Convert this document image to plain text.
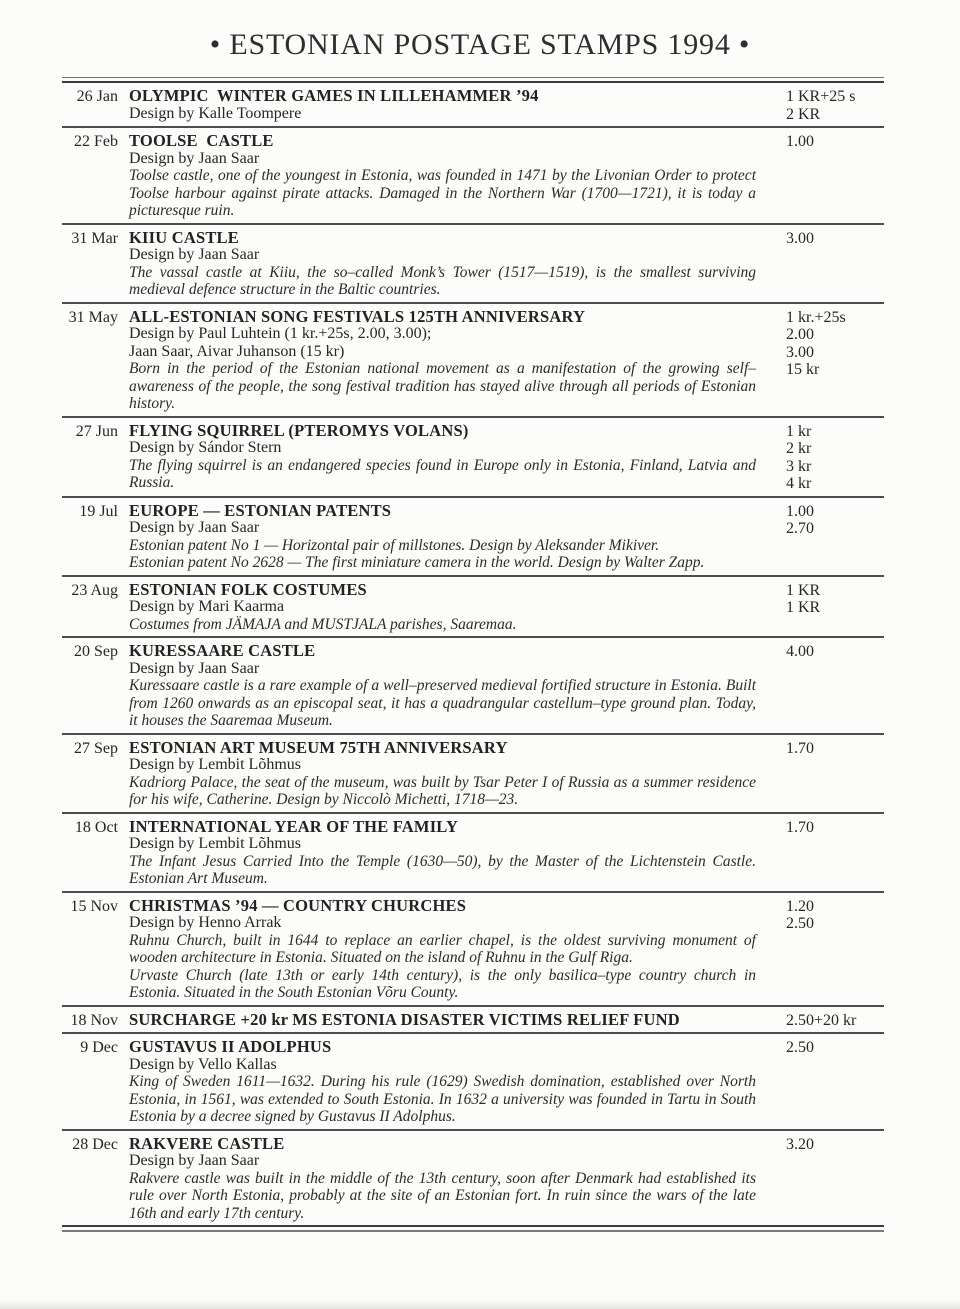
• ESTONIAN POSTAGE STAMPS 1994 •
26 Jan OLYMPIC  WINTER GAMES IN LILLEHAMMER ’94
Design by Kalle Toompere
1 KR+25 s
2 KR
22 Feb TOOLSE  CASTLE
Design by Jaan Saar
Toolse castle, one of the youngest in Estonia, was founded in 1471 by the Livonian Order to protect Toolse harbour against pirate attacks. Damaged in the Northern War (1700—1721), it is today a picturesque ruin.
1.00
31 Mar KIIU CASTLE
Design by Jaan Saar
The vassal castle at Kiiu, the so–called Monk’s Tower (1517—1519), is the smallest surviving medieval defence structure in the Baltic countries.
3.00
31 May ALL-ESTONIAN SONG FESTIVALS 125TH ANNIVERSARY
Design by Paul Luhtein (1 kr.+25s, 2.00, 3.00);
Jaan Saar, Aivar Juhanson (15 kr)
Born in the period of the Estonian national movement as a manifestation of the growing self–awareness of the people, the song festival tradition has stayed alive through all periods of Estonian history.
1 kr.+25s
2.00
3.00
15 kr
27 Jun FLYING SQUIRREL (PTEROMYS VOLANS)
Design by Sándor Stern
The flying squirrel is an endangered species found in Europe only in Estonia, Finland, Latvia and Russia.
1 kr
2 kr
3 kr
4 kr
19 Jul EUROPE — ESTONIAN PATENTS
Design by Jaan Saar
Estonian patent No 1 — Horizontal pair of millstones. Design by Aleksander Mikiver.
Estonian patent No 2628 — The first miniature camera in the world. Design by Walter Zapp.
1.00
2.70
23 Aug ESTONIAN FOLK COSTUMES
Design by Mari Kaarma
Costumes from JÄMAJA and MUSTJALA parishes, Saaremaa.
1 KR
1 KR
20 Sep KURESSAARE CASTLE
Design by Jaan Saar
Kuressaare castle is a rare example of a well–preserved medieval fortified structure in Estonia. Built from 1260 onwards as an episcopal seat, it has a quadrangular castellum–type ground plan. Today, it houses the Saaremaa Museum.
4.00
27 Sep ESTONIAN ART MUSEUM 75TH ANNIVERSARY
Design by Lembit Lõhmus
Kadriorg Palace, the seat of the museum, was built by Tsar Peter I of Russia as a summer residence for his wife, Catherine. Design by Niccolò Michetti, 1718—23.
1.70
18 Oct INTERNATIONAL YEAR OF THE FAMILY
Design by Lembit Lõhmus
The Infant Jesus Carried Into the Temple (1630—50), by the Master of the Lichtenstein Castle. Estonian Art Museum.
1.70
15 Nov CHRISTMAS ’94 — COUNTRY CHURCHES
Design by Henno Arrak
Ruhnu Church, built in 1644 to replace an earlier chapel, is the oldest surviving monument of wooden architecture in Estonia. Situated on the island of Ruhnu in the Gulf Riga.
Urvaste Church (late 13th or early 14th century), is the only basilica–type country church in Estonia. Situated in the South Estonian Võru County.
1.20
2.50
18 Nov SURCHARGE +20 kr MS ESTONIA DISASTER VICTIMS RELIEF FUND	2.50+20 kr
9 Dec GUSTAVUS II ADOLPHUS
Design by Vello Kallas
King of Sweden 1611—1632. During his rule (1629) Swedish domination, established over North Estonia, in 1561, was extended to South Estonia. In 1632 a university was founded in Tartu in South Estonia by a decree signed by Gustavus II Adolphus.
2.50
28 Dec RAKVERE CASTLE
Design by Jaan Saar
Rakvere castle was built in the middle of the 13th century, soon after Denmark had established its rule over North Estonia, probably at the site of an Estonian fort. In ruin since the wars of the late 16th and early 17th century.
3.20
